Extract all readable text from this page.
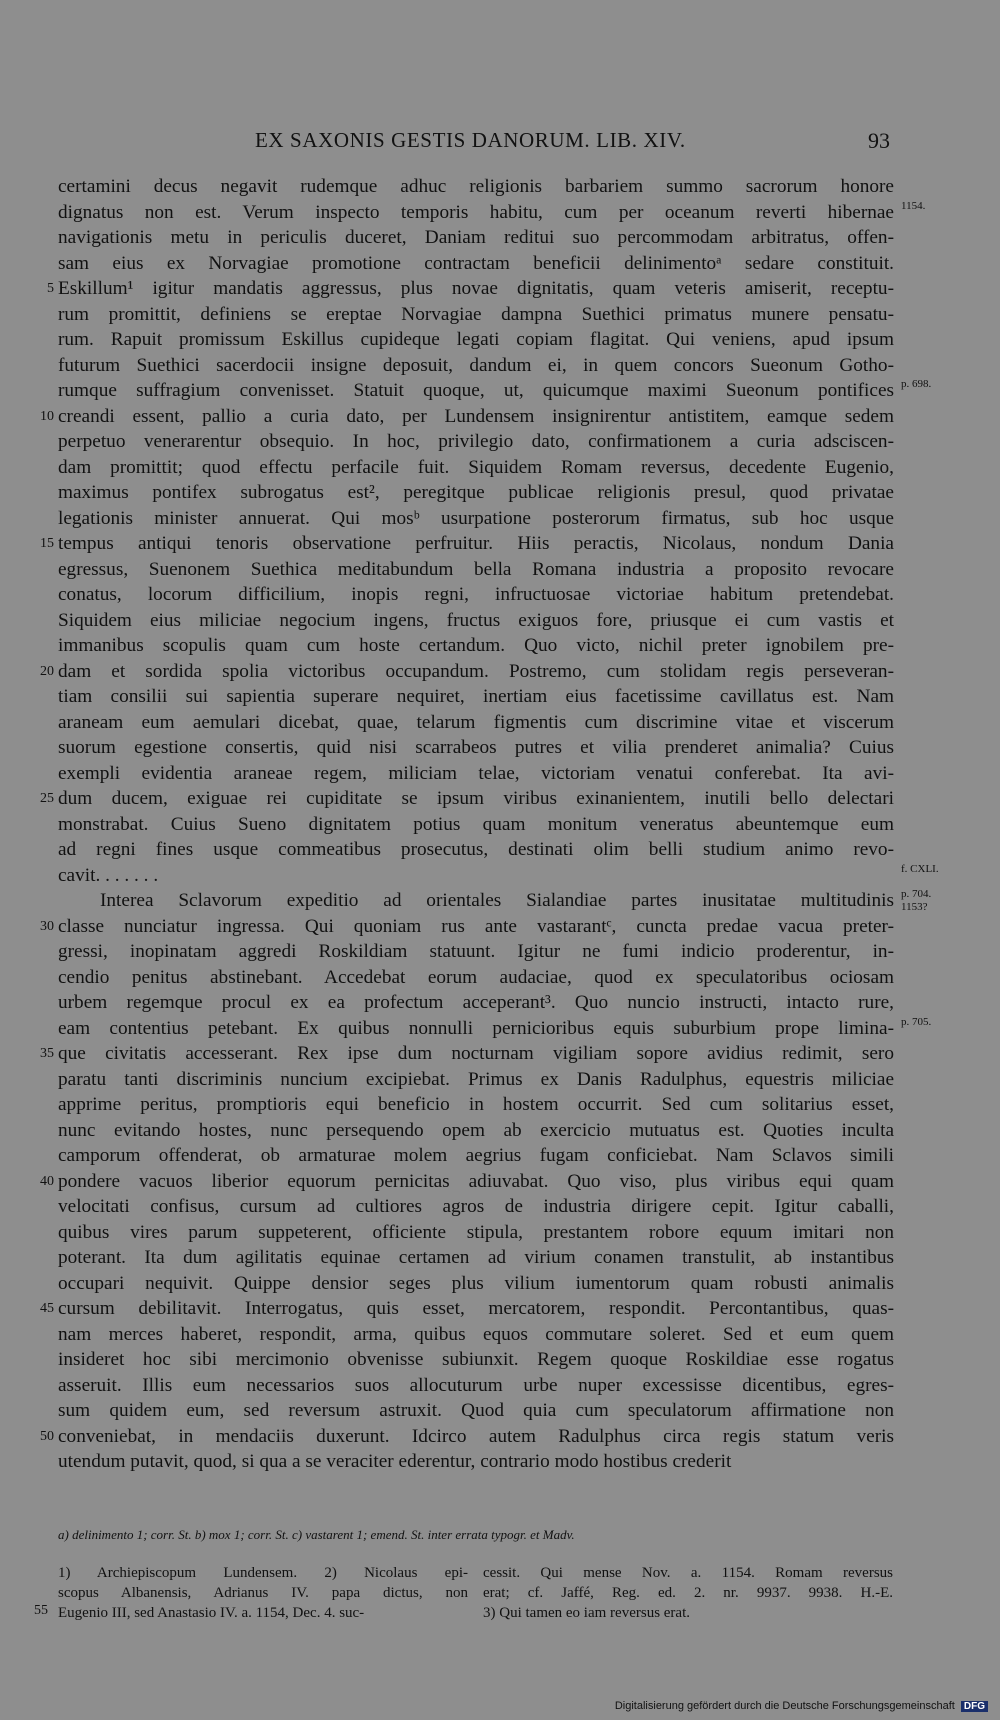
EX SAXONIS GESTIS DANORUM. LIB. XIV.	93
certamini decus negavit rudemque adhuc religionis barbariem summo sacrorum honore
dignatus non est. Verum inspecto temporis habitu, cum per oceanum reverti hibernae 1154.
navigationis metu in periculis duceret, Daniam reditui suo percommodam arbitratus, offen-
sam eius ex Norvagiae promotione contractam beneficii delinimentoᵃ sedare constituit.
Eskillum¹ igitur mandatis aggressus, plus novae dignitatis, quam veteris amiserit, receptu-
5
rum promittit, definiens se ereptae Norvagiae dampna Suethici primatus munere pensatu-
rum. Rapuit promissum Eskillus cupideque legati copiam flagitat. Qui veniens, apud ipsum
futurum Suethici sacerdocii insigne deposuit, dandum ei, in quem concors Sueonum Gotho-
rumque suffragium convenisset. Statuit quoque, ut, quicumque maximi Sueonum pontifices p. 698.
creandi essent, pallio a curia dato, per Lundensem insignirentur antistitem, eamque sedem
10
perpetuo venerarentur obsequio. In hoc, privilegio dato, confirmationem a curia adsciscen-
dam promittit; quod effectu perfacile fuit. Siquidem Romam reversus, decedente Eugenio,
maximus pontifex subrogatus est², peregitque publicae religionis presul, quod privatae
legationis minister annuerat. Qui mosᵇ usurpatione posterorum firmatus, sub hoc usque
tempus antiqui tenoris observatione perfruitur. Hiis peractis, Nicolaus, nondum Dania
15
egressus, Suenonem Suethica meditabundum bella Romana industria a proposito revocare
conatus, locorum difficilium, inopis regni, infructuosae victoriae habitum pretendebat.
Siquidem eius miliciae negocium ingens, fructus exiguos fore, priusque ei cum vastis et
immanibus scopulis quam cum hoste certandum. Quo victo, nichil preter ignobilem pre-
dam et sordida spolia victoribus occupandum. Postremo, cum stolidam regis perseveran-
20
tiam consilii sui sapientia superare nequiret, inertiam eius facetissime cavillatus est. Nam
araneam eum aemulari dicebat, quae, telarum figmentis cum discrimine vitae et viscerum
suorum egestione consertis, quid nisi scarrabeos putres et vilia prenderet animalia? Cuius
exempli evidentia araneae regem, miliciam telae, victoriam venatui conferebat. Ita avi-
dum ducem, exiguae rei cupiditate se ipsum viribus exinanientem, inutili bello delectari
25
monstrabat. Cuius Sueno dignitatem potius quam monitum veneratus abeuntemque eum
ad regni fines usque commeatibus prosecutus, destinati olim belli studium animo revo-
cavit. . . . . . .	f. CXLI.
Interea Sclavorum expeditio ad orientales Sialandiae partes inusitatae multitudinis p. 704.
1153?
classe nunciatur ingressa. Qui quoniam rus ante vastarantᶜ, cuncta predae vacua preter-
30
gressi, inopinatam aggredi Roskildiam statuunt. Igitur ne fumi indicio proderentur, in-
cendio penitus abstinebant. Accedebat eorum audaciae, quod ex speculatoribus ociosam
urbem regemque procul ex ea profectum acceperant³. Quo nuncio instructi, intacto rure,
eam contentius petebant. Ex quibus nonnulli pernicioribus equis suburbium prope limina- p. 705.
que civitatis accesserant. Rex ipse dum nocturnam vigiliam sopore avidius redimit, sero
35
paratu tanti discriminis nuncium excipiebat. Primus ex Danis Radulphus, equestris miliciae
apprime peritus, promptioris equi beneficio in hostem occurrit. Sed cum solitarius esset,
nunc evitando hostes, nunc persequendo opem ab exercicio mutuatus est. Quoties inculta
camporum offenderat, ob armaturae molem aegrius fugam conficiebat. Nam Sclavos simili
pondere vacuos liberior equorum pernicitas adiuvabat. Quo viso, plus viribus equi quam
40
velocitati confisus, cursum ad cultiores agros de industria dirigere cepit. Igitur caballi,
quibus vires parum suppeterent, officiente stipula, prestantem robore equum imitari non
poterant. Ita dum agilitatis equinae certamen ad virium conamen transtulit, ab instantibus
occupari nequivit. Quippe densior seges plus vilium iumentorum quam robusti animalis
cursum debilitavit. Interrogatus, quis esset, mercatorem, respondit. Percontantibus, quas-
45
nam merces haberet, respondit, arma, quibus equos commutare soleret. Sed et eum quem
insideret hoc sibi mercimonio obvenisse subiunxit. Regem quoque Roskildiae esse rogatus
asseruit. Illis eum necessarios suos allocuturum urbe nuper excessisse dicentibus, egres-
sum quidem eum, sed reversum astruxit. Quod quia cum speculatorum affirmatione non
conveniebat, in mendaciis duxerunt. Idcirco autem Radulphus circa regis statum veris
50
utendum putavit, quod, si qua a se veraciter ederentur, contrario modo hostibus crederit
a) delinimento 1; corr. St. b) mox 1; corr. St. c) vastarent 1; emend. St. inter errata typogr. et Madv.
55
1) Archiepiscopum Lundensem. 2) Nicolaus epi-
scopus Albanensis, Adrianus IV. papa dictus, non
Eugenio III, sed Anastasio IV. a. 1154, Dec. 4. suc-
cessit. Qui mense Nov. a. 1154. Romam reversus
erat; cf. Jaffé, Reg. ed. 2. nr. 9937. 9938. H.-E.
3) Qui tamen eo iam reversus erat.
Digitalisierung gefördert durch die Deutsche Forschungsgemeinschaft DFG
